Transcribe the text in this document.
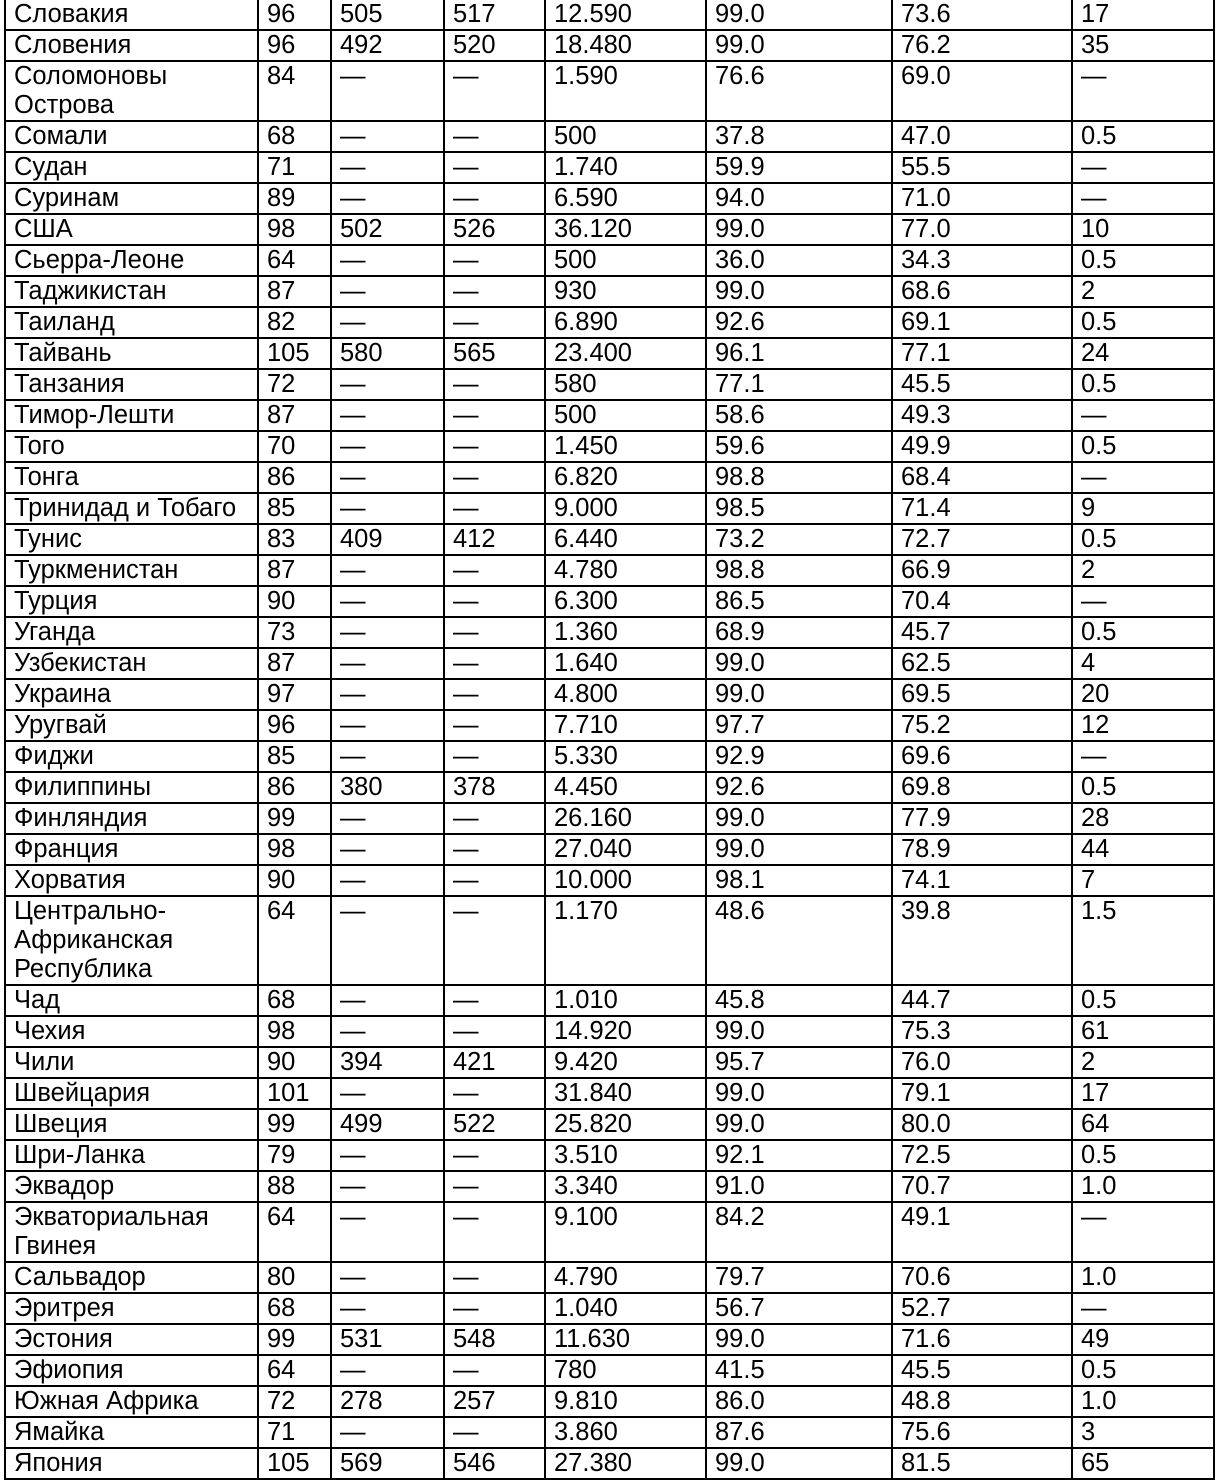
Словакия	96	505	517	12.590	99.0	73.6	17
Словения	96	492	520	18.480	99.0	76.2	35
Соломоновы Острова	84	—	—	1.590	76.6	69.0	—
Сомали	68	—	—	500	37.8	47.0	0.5
Судан	71	—	—	1.740	59.9	55.5	—
Суринам	89	—	—	6.590	94.0	71.0	—
США	98	502	526	36.120	99.0	77.0	10
Сьерра-Леоне	64	—	—	500	36.0	34.3	0.5
Таджикистан	87	—	—	930	99.0	68.6	2
Таиланд	82	—	—	6.890	92.6	69.1	0.5
Тайвань	105	580	565	23.400	96.1	77.1	24
Танзания	72	—	—	580	77.1	45.5	0.5
Тимор-Лешти	87	—	—	500	58.6	49.3	—
Того	70	—	—	1.450	59.6	49.9	0.5
Тонга	86	—	—	6.820	98.8	68.4	—
Тринидад и Тобаго	85	—	—	9.000	98.5	71.4	9
Тунис	83	409	412	6.440	73.2	72.7	0.5
Туркменистан	87	—	—	4.780	98.8	66.9	2
Турция	90	—	—	6.300	86.5	70.4	—
Уганда	73	—	—	1.360	68.9	45.7	0.5
Узбекистан	87	—	—	1.640	99.0	62.5	4
Украина	97	—	—	4.800	99.0	69.5	20
Уругвай	96	—	—	7.710	97.7	75.2	12
Фиджи	85	—	—	5.330	92.9	69.6	—
Филиппины	86	380	378	4.450	92.6	69.8	0.5
Финляндия	99	—	—	26.160	99.0	77.9	28
Франция	98	—	—	27.040	99.0	78.9	44
Хорватия	90	—	—	10.000	98.1	74.1	7
Центрально-Африканская Республика	64	—	—	1.170	48.6	39.8	1.5
Чад	68	—	—	1.010	45.8	44.7	0.5
Чехия	98	—	—	14.920	99.0	75.3	61
Чили	90	394	421	9.420	95.7	76.0	2
Швейцария	101	—	—	31.840	99.0	79.1	17
Швеция	99	499	522	25.820	99.0	80.0	64
Шри-Ланка	79	—	—	3.510	92.1	72.5	0.5
Эквадор	88	—	—	3.340	91.0	70.7	1.0
Экваториальная Гвинея	64	—	—	9.100	84.2	49.1	—
Сальвадор	80	—	—	4.790	79.7	70.6	1.0
Эритрея	68	—	—	1.040	56.7	52.7	—
Эстония	99	531	548	11.630	99.0	71.6	49
Эфиопия	64	—	—	780	41.5	45.5	0.5
Южная Африка	72	278	257	9.810	86.0	48.8	1.0
Ямайка	71	—	—	3.860	87.6	75.6	3
Япония	105	569	546	27.380	99.0	81.5	65
